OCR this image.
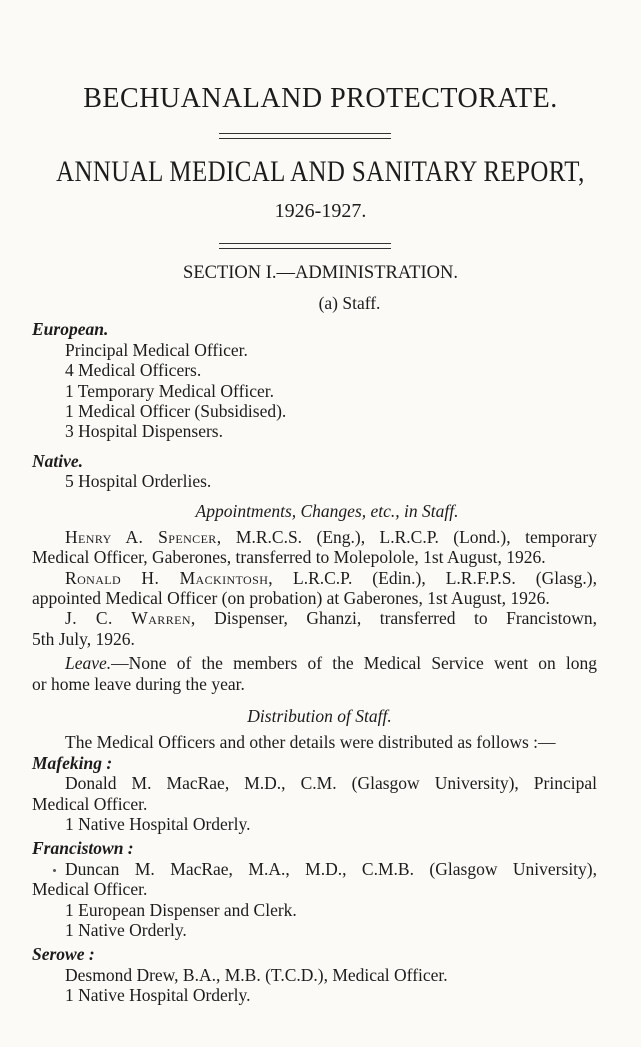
BECHUANALAND PROTECTORATE.
ANNUAL MEDICAL AND SANITARY REPORT,
1926-1927.
SECTION I.—ADMINISTRATION.
(a) Staff.
European.
Principal Medical Officer.
4 Medical Officers.
1 Temporary Medical Officer.
1 Medical Officer (Subsidised).
3 Hospital Dispensers.
Native.
5 Hospital Orderlies.
Appointments, Changes, etc., in Staff.
Henry A. Spencer, M.R.C.S. (Eng.), L.R.C.P. (Lond.), temporary
Medical Officer, Gaberones, transferred to Molepolole, 1st August, 1926.
Ronald H. Mackintosh, L.R.C.P. (Edin.), L.R.F.P.S. (Glasg.),
appointed Medical Officer (on probation) at Gaberones, 1st August, 1926.
J. C. Warren, Dispenser, Ghanzi, transferred to Francistown,
5th July, 1926.
Leave.—None of the members of the Medical Service went on long
or home leave during the year.
Distribution of Staff.
The Medical Officers and other details were distributed as follows :—
Mafeking :
Donald M. MacRae, M.D., C.M. (Glasgow University), Principal
Medical Officer.
1 Native Hospital Orderly.
Francistown :
Duncan M. MacRae, M.A., M.D., C.M.B. (Glasgow University),
Medical Officer.
1 European Dispenser and Clerk.
1 Native Orderly.
Serowe :
Desmond Drew, B.A., M.B. (T.C.D.), Medical Officer.
1 Native Hospital Orderly.
